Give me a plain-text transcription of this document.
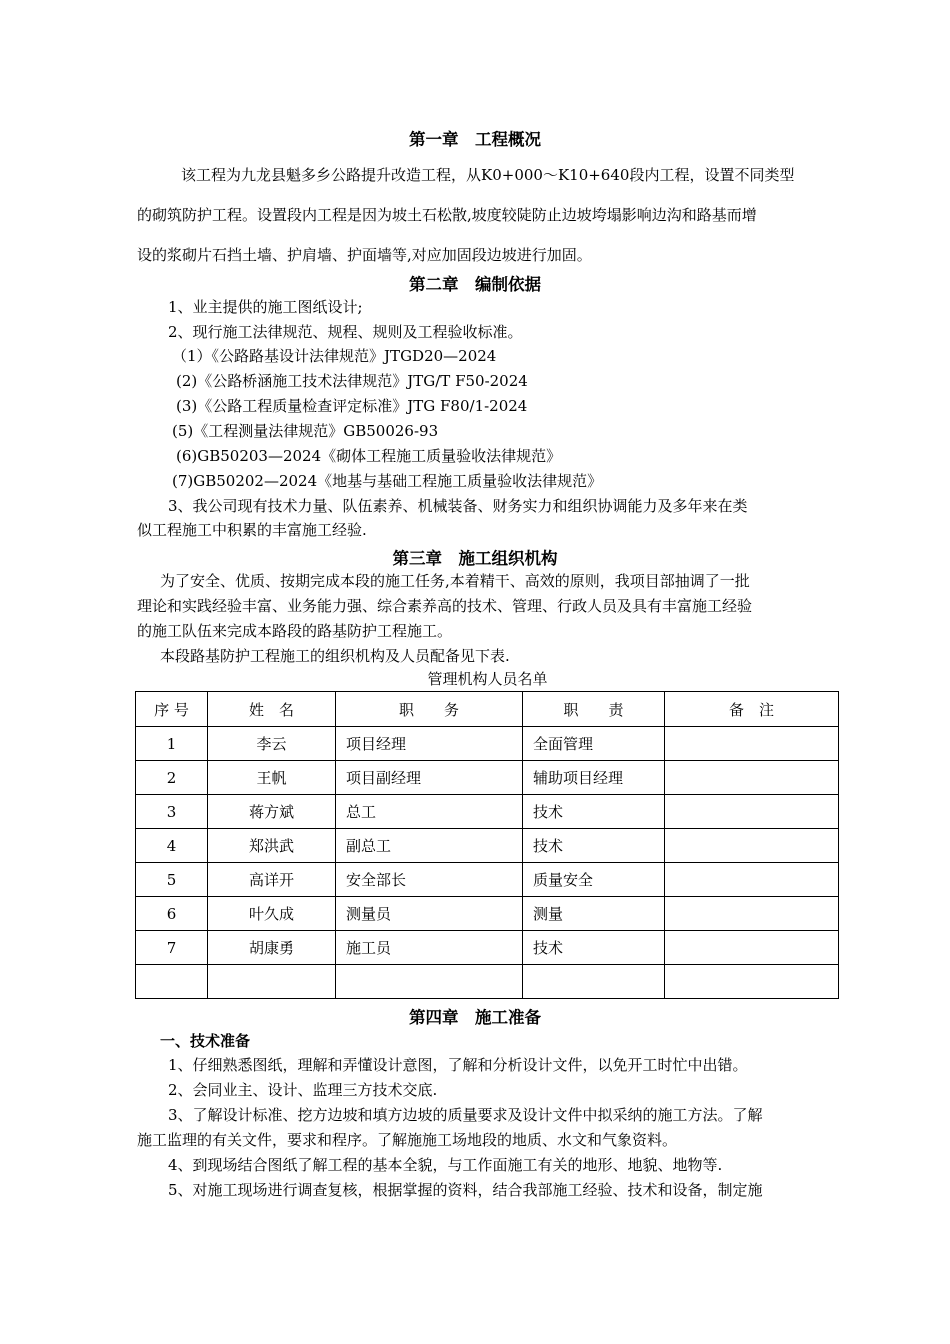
第一章　工程概况
该工程为九龙县魁多乡公路提升改造工程，从K0+000～K10+640段内工程，设置不同类型
的砌筑防护工程。设置段内工程是因为坡土石松散,坡度较陡防止边坡垮塌影响边沟和路基而增
设的浆砌片石挡土墙、护肩墙、护面墙等,对应加固段边坡进行加固。
第二章　编制依据
1、业主提供的施工图纸设计;
2、现行施工法律规范、规程、规则及工程验收标准。
（1）《公路路基设计法律规范》JTGD20—2024
(2)《公路桥涵施工技术法律规范》JTG/T F50-2024
(3)《公路工程质量检查评定标准》JTG F80/1-2024
(5)《工程测量法律规范》GB50026-93
(6)GB50203—2024《砌体工程施工质量验收法律规范》
(7)GB50202—2024《地基与基础工程施工质量验收法律规范》
3、我公司现有技术力量、队伍素养、机械装备、财务实力和组织协调能力及多年来在类
似工程施工中积累的丰富施工经验.
第三章　施工组织机构
为了安全、优质、按期完成本段的施工任务,本着精干、高效的原则，我项目部抽调了一批
理论和实践经验丰富、业务能力强、综合素养高的技术、管理、行政人员及具有丰富施工经验
的施工队伍来完成本路段的路基防护工程施工。
本段路基防护工程施工的组织机构及人员配备见下表.
管理机构人员名单
序 号	姓　名	职　　务	职　　责	备　注
1	李云	项目经理	全面管理	
2	王帆	项目副经理	辅助项目经理	
3	蒋方斌	总工	技术	
4	郑洪武	副总工	技术	
5	高详开	安全部长	质量安全	
6	叶久成	测量员	测量	
7	胡康勇	施工员	技术	

第四章　施工准备
一、技术准备
1、仔细熟悉图纸，理解和弄懂设计意图，了解和分析设计文件，以免开工时忙中出错。
2、会同业主、设计、监理三方技术交底.
3、了解设计标准、挖方边坡和填方边坡的质量要求及设计文件中拟采纳的施工方法。了解
施工监理的有关文件，要求和程序。了解施施工场地段的地质、水文和气象资料。
4、到现场结合图纸了解工程的基本全貌，与工作面施工有关的地形、地貌、地物等.
5、对施工现场进行调查复核，根据掌握的资料，结合我部施工经验、技术和设备，制定施
